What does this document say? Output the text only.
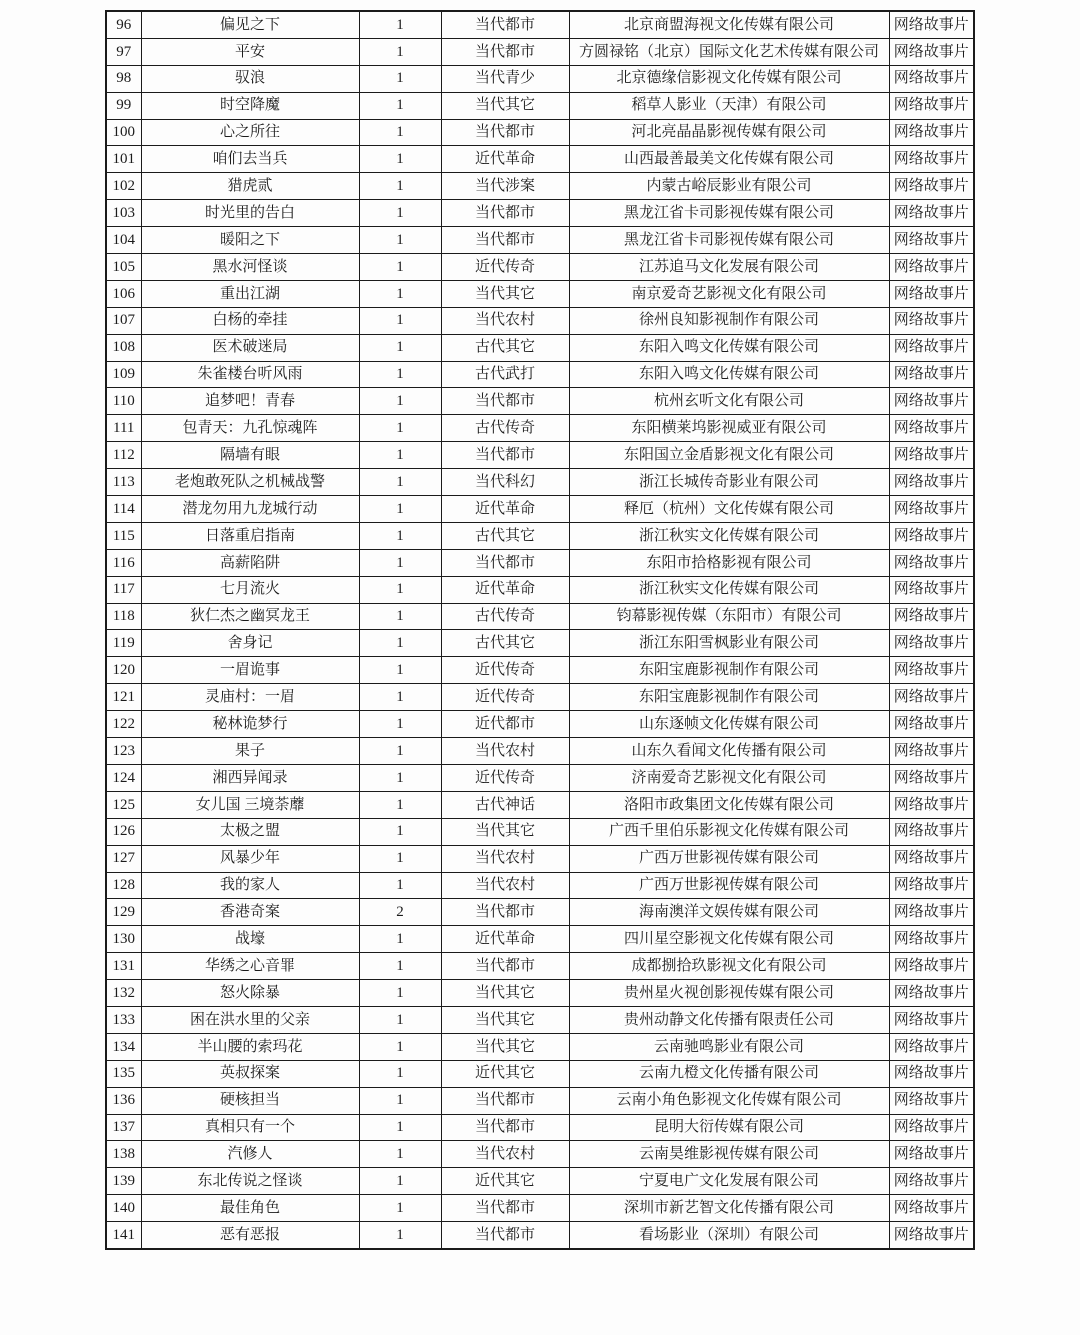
96	偏见之下	1	当代都市	北京商盟海视文化传媒有限公司	网络故事片
97	平安	1	当代都市	方圆禄铭（北京）国际文化艺术传媒有限公司	网络故事片
98	驭浪	1	当代青少	北京德缘信影视文化传媒有限公司	网络故事片
99	时空降魔	1	当代其它	稻草人影业（天津）有限公司	网络故事片
100	心之所往	1	当代都市	河北亮晶晶影视传媒有限公司	网络故事片
101	咱们去当兵	1	近代革命	山西最善最美文化传媒有限公司	网络故事片
102	猎虎贰	1	当代涉案	内蒙古峪辰影业有限公司	网络故事片
103	时光里的告白	1	当代都市	黑龙江省卡司影视传媒有限公司	网络故事片
104	暖阳之下	1	当代都市	黑龙江省卡司影视传媒有限公司	网络故事片
105	黑水河怪谈	1	近代传奇	江苏追马文化发展有限公司	网络故事片
106	重出江湖	1	当代其它	南京爱奇艺影视文化有限公司	网络故事片
107	白杨的牵挂	1	当代农村	徐州良知影视制作有限公司	网络故事片
108	医术破迷局	1	古代其它	东阳入鸣文化传媒有限公司	网络故事片
109	朱雀楼台听风雨	1	古代武打	东阳入鸣文化传媒有限公司	网络故事片
110	追梦吧！青春	1	当代都市	杭州玄听文化有限公司	网络故事片
111	包青天：九孔惊魂阵	1	古代传奇	东阳横莱坞影视威亚有限公司	网络故事片
112	隔墙有眼	1	当代都市	东阳国立金盾影视文化有限公司	网络故事片
113	老炮敢死队之机械战警	1	当代科幻	浙江长城传奇影业有限公司	网络故事片
114	潜龙勿用九龙城行动	1	近代革命	释厄（杭州）文化传媒有限公司	网络故事片
115	日落重启指南	1	古代其它	浙江秋实文化传媒有限公司	网络故事片
116	高薪陷阱	1	当代都市	东阳市拾格影视有限公司	网络故事片
117	七月流火	1	近代革命	浙江秋实文化传媒有限公司	网络故事片
118	狄仁杰之幽冥龙王	1	古代传奇	钧幕影视传媒（东阳市）有限公司	网络故事片
119	舍身记	1	古代其它	浙江东阳雪枫影业有限公司	网络故事片
120	一眉诡事	1	近代传奇	东阳宝鹿影视制作有限公司	网络故事片
121	灵庙村：一眉	1	近代传奇	东阳宝鹿影视制作有限公司	网络故事片
122	秘林诡梦行	1	近代都市	山东逐帧文化传媒有限公司	网络故事片
123	果子	1	当代农村	山东久看闻文化传播有限公司	网络故事片
124	湘西异闻录	1	近代传奇	济南爱奇艺影视文化有限公司	网络故事片
125	女儿国 三境荼蘼	1	古代神话	洛阳市政集团文化传媒有限公司	网络故事片
126	太极之盟	1	当代其它	广西千里伯乐影视文化传媒有限公司	网络故事片
127	风暴少年	1	当代农村	广西万世影视传媒有限公司	网络故事片
128	我的家人	1	当代农村	广西万世影视传媒有限公司	网络故事片
129	香港奇案	2	当代都市	海南澳洋文娱传媒有限公司	网络故事片
130	战壕	1	近代革命	四川星空影视文化传媒有限公司	网络故事片
131	华绣之心音罪	1	当代都市	成都捌拾玖影视文化有限公司	网络故事片
132	怒火除暴	1	当代其它	贵州星火视创影视传媒有限公司	网络故事片
133	困在洪水里的父亲	1	当代其它	贵州动静文化传播有限责任公司	网络故事片
134	半山腰的索玛花	1	当代其它	云南驰鸣影业有限公司	网络故事片
135	英叔探案	1	近代其它	云南九橙文化传播有限公司	网络故事片
136	硬核担当	1	当代都市	云南小角色影视文化传媒有限公司	网络故事片
137	真相只有一个	1	当代都市	昆明大衍传媒有限公司	网络故事片
138	汽修人	1	当代农村	云南昊维影视传媒有限公司	网络故事片
139	东北传说之怪谈	1	近代其它	宁夏电广文化发展有限公司	网络故事片
140	最佳角色	1	当代都市	深圳市新艺智文化传播有限公司	网络故事片
141	恶有恶报	1	当代都市	看场影业（深圳）有限公司	网络故事片
